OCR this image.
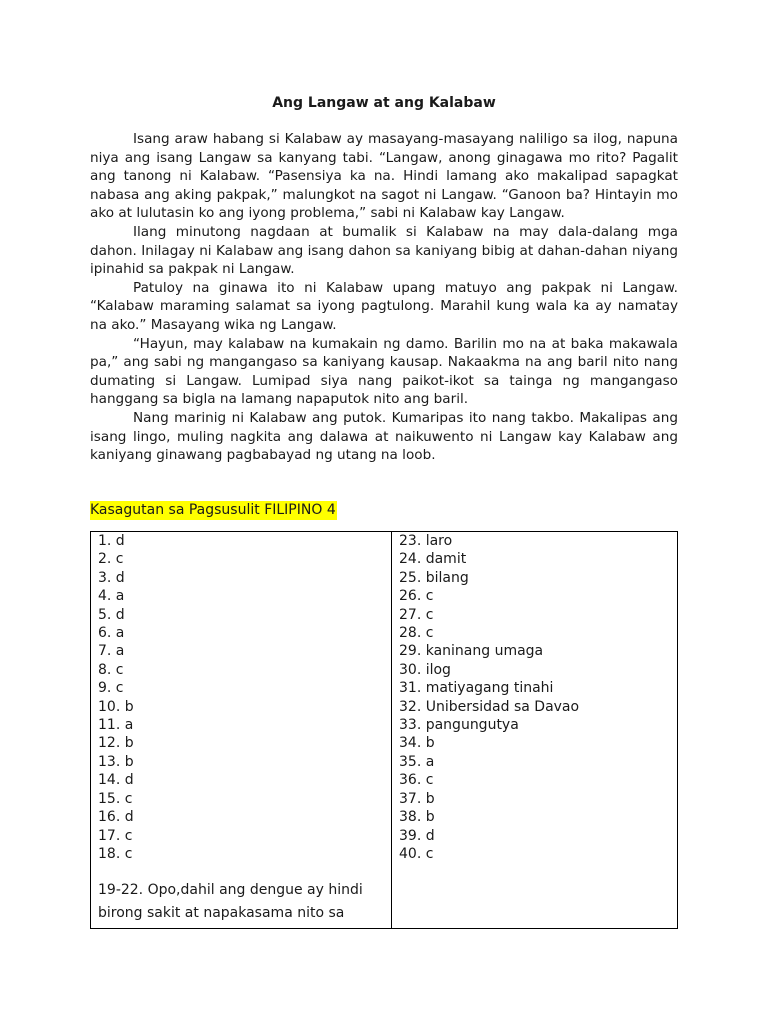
Ang Langaw at ang Kalabaw

Isang araw habang si Kalabaw ay masayang-masayang naliligo sa ilog, napuna niya ang isang Langaw sa kanyang tabi. “Langaw, anong ginagawa mo rito? Pagalit ang tanong ni Kalabaw. “Pasensiya ka na. Hindi lamang ako makalipad sapagkat nabasa ang aking pakpak,” malungkot na sagot ni Langaw. “Ganoon ba? Hintayin mo ako at lulutasin ko ang iyong problema,” sabi ni Kalabaw kay Langaw.

Ilang minutong nagdaan at bumalik si Kalabaw na may dala-dalang mga dahon. Inilagay ni Kalabaw ang isang dahon sa kaniyang bibig at dahan-dahan niyang ipinahid sa pakpak ni Langaw.

Patuloy na ginawa ito ni Kalabaw upang matuyo ang pakpak ni Langaw. “Kalabaw maraming salamat sa iyong pagtulong. Marahil kung wala ka ay namatay na ako.” Masayang wika ng Langaw.

“Hayun, may kalabaw na kumakain ng damo. Barilin mo na at baka makawala pa,” ang sabi ng mangangaso sa kaniyang kausap. Nakaakma na ang baril nito nang dumating si Langaw. Lumipad siya nang paikot-ikot sa tainga ng mangangaso hanggang sa bigla na lamang napaputok nito ang baril.

Nang marinig ni Kalabaw ang putok. Kumaripas ito nang takbo. Makalipas ang isang lingo, muling nagkita ang dalawa at naikuwento ni Langaw kay Kalabaw ang kaniyang ginawang pagbabayad ng utang na loob.

Kasagutan sa Pagsusulit FILIPINO 4
1. d
2. c
3. d
4. a
5. d
6. a
7. a
8. c
9. c
10. b
11. a
12. b
13. b
14. d
15. c
16. d
17. c
18. c
19-22. Opo,dahil ang dengue ay hindi birong sakit at napakasama nito sa

23. laro
24. damit
25. bilang
26. c
27. c
28. c
29. kaninang umaga
30. ilog
31. matiyagang tinahi
32. Unibersidad sa Davao
33. pangungutya
34. b
35. a
36. c
37. b
38. b
39. d
40. c
